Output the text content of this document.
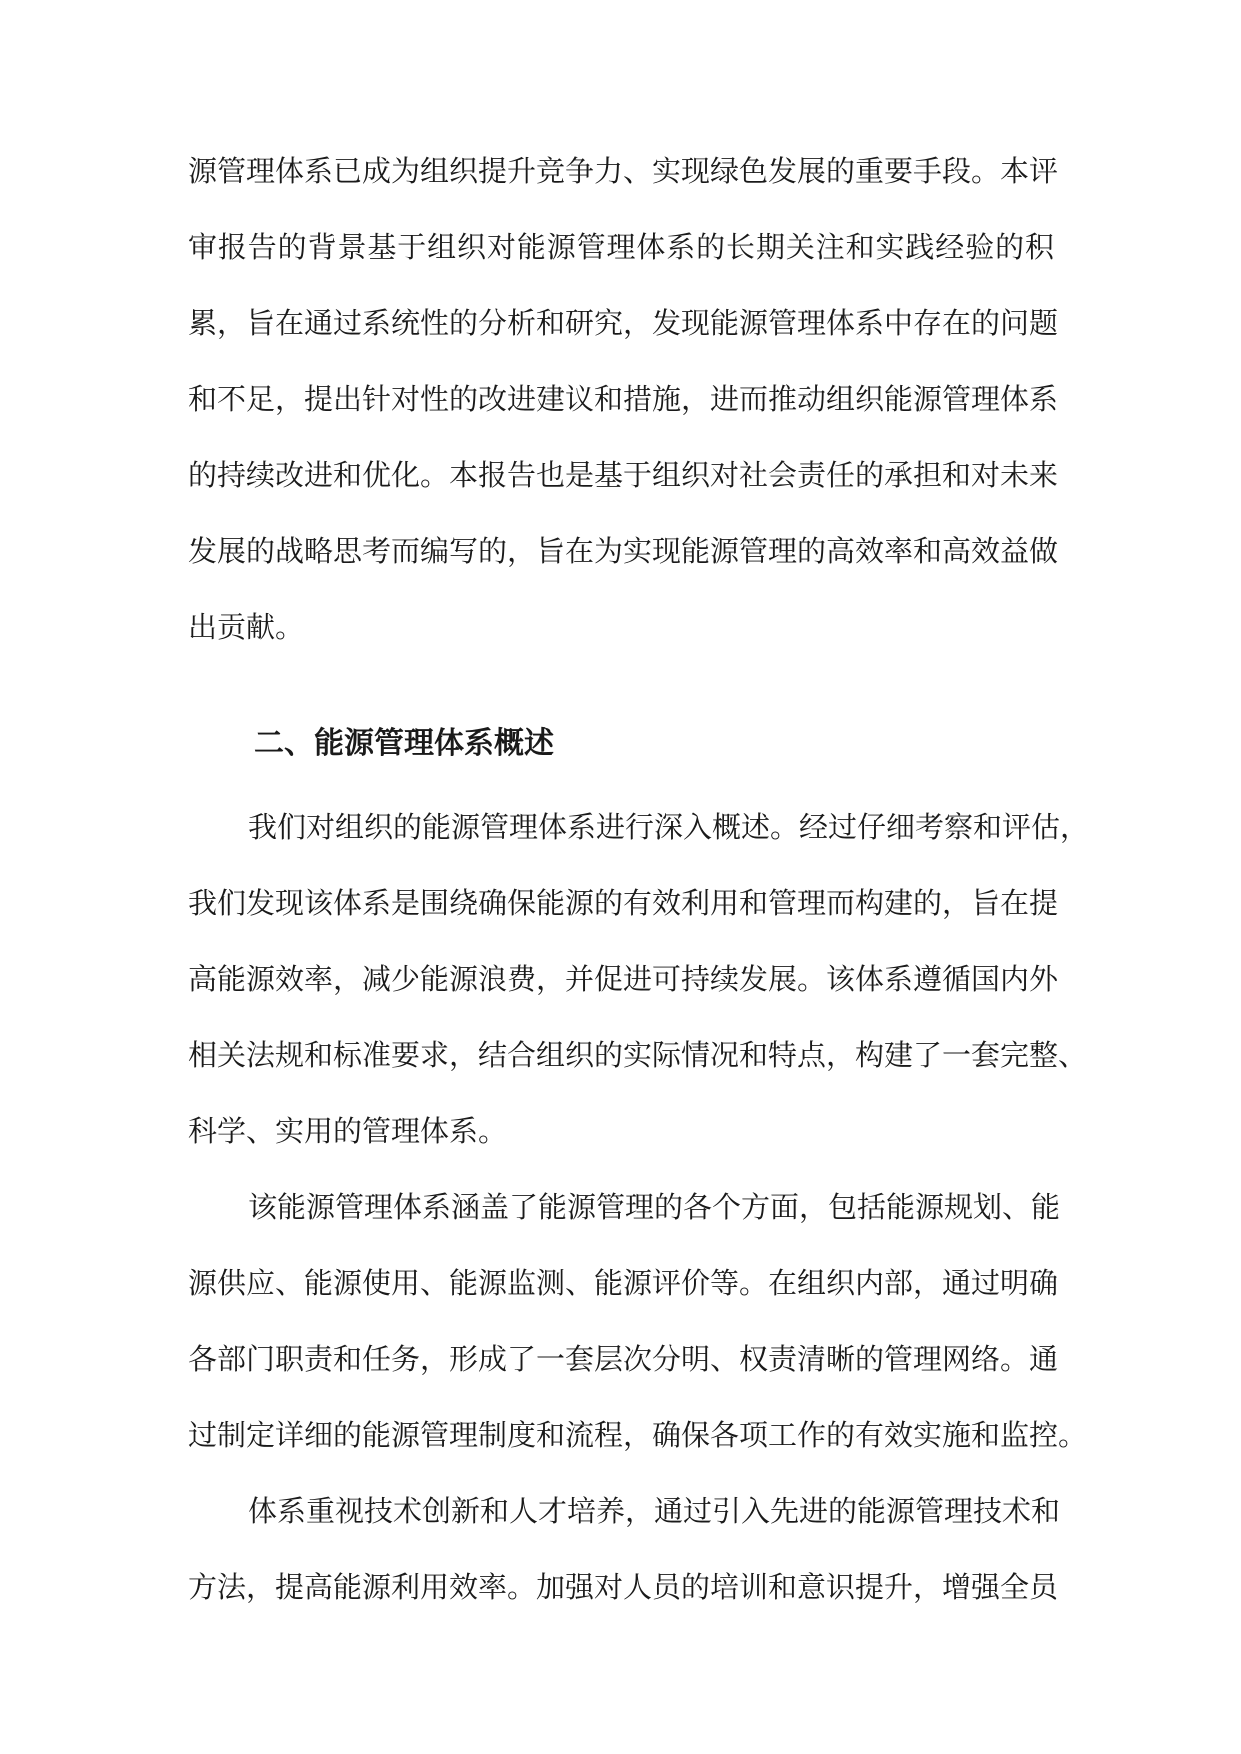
源管理体系已成为组织提升竞争力、实现绿色发展的重要手段。本评
审报告的背景基于组织对能源管理体系的长期关注和实践经验的积
累，旨在通过系统性的分析和研究，发现能源管理体系中存在的问题
和不足，提出针对性的改进建议和措施，进而推动组织能源管理体系
的持续改进和优化。本报告也是基于组织对社会责任的承担和对未来
发展的战略思考而编写的，旨在为实现能源管理的高效率和高效益做
出贡献。
二、能源管理体系概述
我们对组织的能源管理体系进行深入概述。经过仔细考察和评估，
我们发现该体系是围绕确保能源的有效利用和管理而构建的，旨在提
高能源效率，减少能源浪费，并促进可持续发展。该体系遵循国内外
相关法规和标准要求，结合组织的实际情况和特点，构建了一套完整、
科学、实用的管理体系。
该能源管理体系涵盖了能源管理的各个方面，包括能源规划、能
源供应、能源使用、能源监测、能源评价等。在组织内部，通过明确
各部门职责和任务，形成了一套层次分明、权责清晰的管理网络。通
过制定详细的能源管理制度和流程，确保各项工作的有效实施和监控。
体系重视技术创新和人才培养，通过引入先进的能源管理技术和
方法，提高能源利用效率。加强对人员的培训和意识提升，增强全员
